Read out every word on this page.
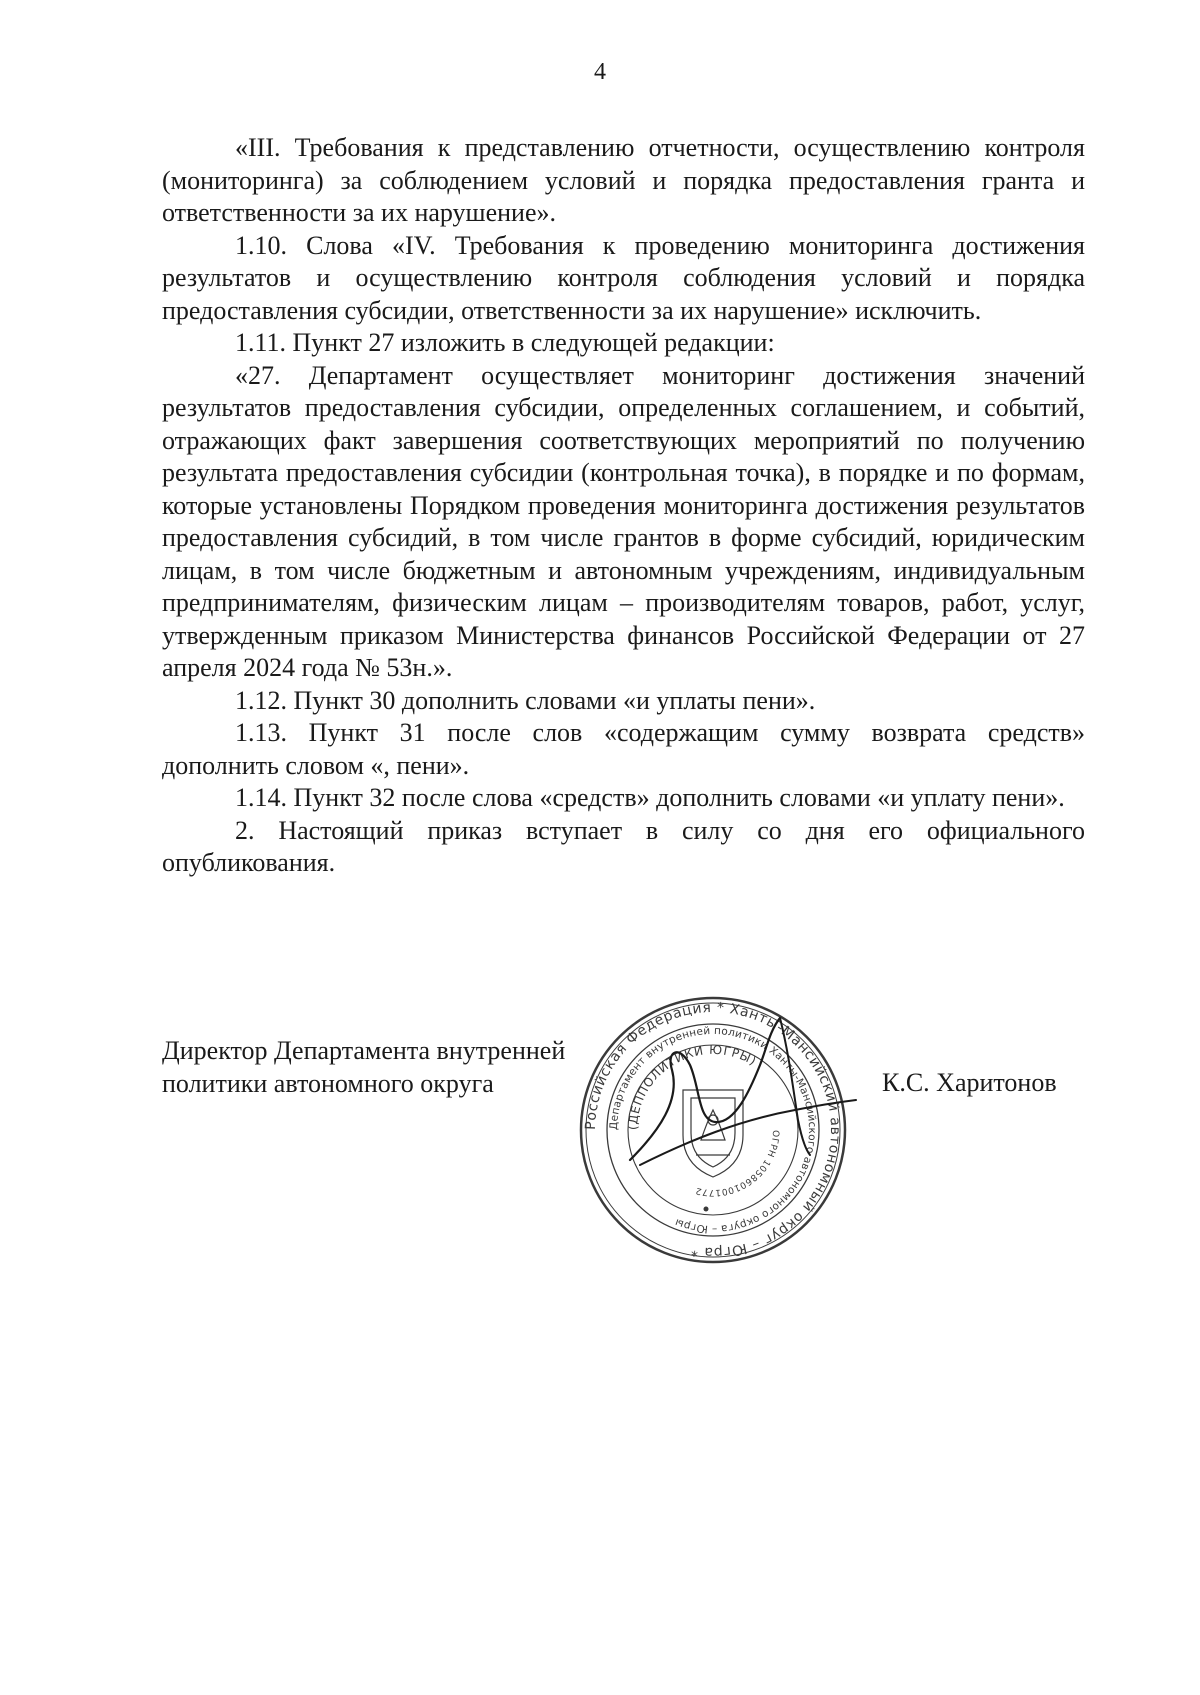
4

«III. Требования к представлению отчетности, осуществлению контроля (мониторинга) за соблюдением условий и порядка предоставления гранта и ответственности за их нарушение».

1.10. Слова «IV. Требования к проведению мониторинга достижения результатов и осуществлению контроля соблюдения условий и порядка предоставления субсидии, ответственности за их нарушение» исключить.

1.11. Пункт 27 изложить в следующей редакции:

«27. Департамент осуществляет мониторинг достижения значений результатов предоставления субсидии, определенных соглашением, и событий, отражающих факт завершения соответствующих мероприятий по получению результата предоставления субсидии (контрольная точка), в порядке и по формам, которые установлены Порядком проведения мониторинга достижения результатов предоставления субсидий, в том числе грантов в форме субсидий, юридическим лицам, в том числе бюджетным и автономным учреждениям, индивидуальным предпринимателям, физическим лицам – производителям товаров, работ, услуг, утвержденным приказом Министерства финансов Российской Федерации от 27 апреля 2024 года № 53н.».

1.12. Пункт 30 дополнить словами «и уплаты пени».

1.13. Пункт 31 после слов «содержащим сумму возврата средств» дополнить словом «, пени».

1.14. Пункт 32 после слова «средств» дополнить словами «и уплату пени».

2. Настоящий приказ вступает в силу со дня его официального опубликования.

Директор Департамента внутренней
политики автономного округа	К.С. Харитонов
Российская Федерация * Ханты-Мансийский автономный округ – Югра *
Департамент внутренней политики Ханты-Мансийского автономного округа – Югры
(ДЕППОЛИТИКИ ЮГРЫ)
ОГРН 1058601001772
